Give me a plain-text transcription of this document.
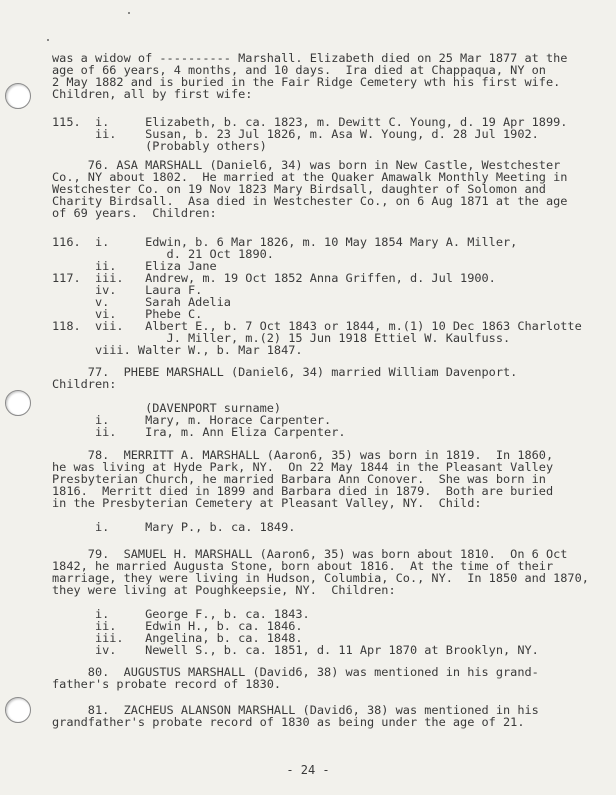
was a widow of ---------- Marshall. Elizabeth died on 25 Mar 1877 at the
age of 66 years, 4 months, and 10 days.  Ira died at Chappaqua, NY on
2 May 1882 and is buried in the Fair Ridge Cemetery wth his first wife.
Children, all by first wife:
115.  i.     Elizabeth, b. ca. 1823, m. Dewitt C. Young, d. 19 Apr 1899.
ii.    Susan, b. 23 Jul 1826, m. Asa W. Young, d. 28 Jul 1902.
(Probably others)
76. ASA MARSHALL (Daniel6, 34) was born in New Castle, Westchester
Co., NY about 1802.  He married at the Quaker Amawalk Monthly Meeting in
Westchester Co. on 19 Nov 1823 Mary Birdsall, daughter of Solomon and
Charity Birdsall.  Asa died in Westchester Co., on 6 Aug 1871 at the age
of 69 years.  Children:
116.  i.     Edwin, b. 6 Mar 1826, m. 10 May 1854 Mary A. Miller,
d. 21 Oct 1890.
ii.    Eliza Jane
117.  iii.   Andrew, m. 19 Oct 1852 Anna Griffen, d. Jul 1900.
iv.    Laura F.
v.     Sarah Adelia
vi.    Phebe C.
118.  vii.   Albert E., b. 7 Oct 1843 or 1844, m.(1) 10 Dec 1863 Charlotte
J. Miller, m.(2) 15 Jun 1918 Ettiel W. Kaulfuss.
viii. Walter W., b. Mar 1847.
77.  PHEBE MARSHALL (Daniel6, 34) married William Davenport.
Children:
(DAVENPORT surname)
i.     Mary, m. Horace Carpenter.
ii.    Ira, m. Ann Eliza Carpenter.
78.  MERRITT A. MARSHALL (Aaron6, 35) was born in 1819.  In 1860,
he was living at Hyde Park, NY.  On 22 May 1844 in the Pleasant Valley
Presbyterian Church, he married Barbara Ann Conover.  She was born in
1816.  Merritt died in 1899 and Barbara died in 1879.  Both are buried
in the Presbyterian Cemetery at Pleasant Valley, NY.  Child:
i.     Mary P., b. ca. 1849.
79.  SAMUEL H. MARSHALL (Aaron6, 35) was born about 1810.  On 6 Oct
1842, he married Augusta Stone, born about 1816.  At the time of their
marriage, they were living in Hudson, Columbia, Co., NY.  In 1850 and 1870,
they were living at Poughkeepsie, NY.  Children:
i.     George F., b. ca. 1843.
ii.    Edwin H., b. ca. 1846.
iii.   Angelina, b. ca. 1848.
iv.    Newell S., b. ca. 1851, d. 11 Apr 1870 at Brooklyn, NY.
80.  AUGUSTUS MARSHALL (David6, 38) was mentioned in his grand-
father's probate record of 1830.
81.  ZACHEUS ALANSON MARSHALL (David6, 38) was mentioned in his
grandfather's probate record of 1830 as being under the age of 21.
- 24 -
